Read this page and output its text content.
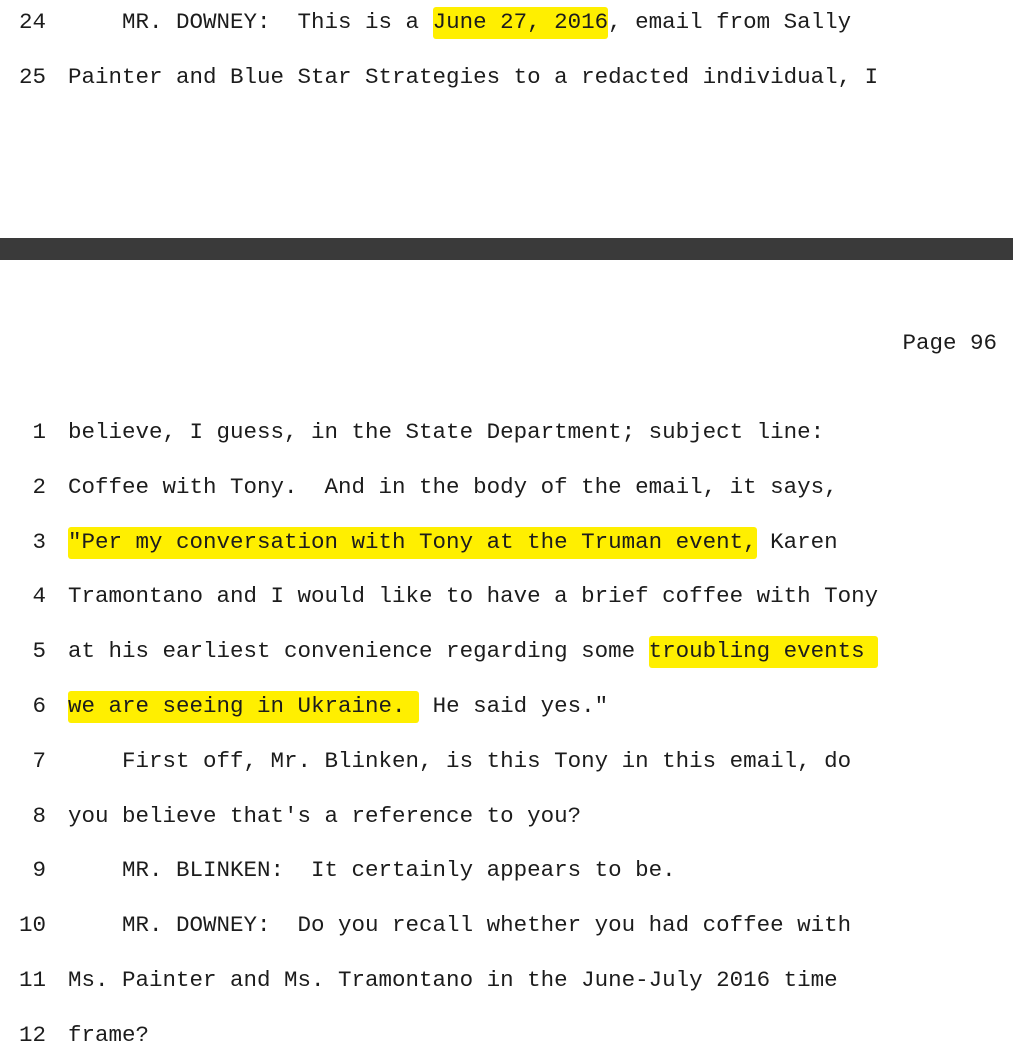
24 MR. DOWNEY:  This is a June 27, 2016, email from Sally
25 Painter and Blue Star Strategies to a redacted individual, I
Page 96
1 believe, I guess, in the State Department; subject line:
2 Coffee with Tony.  And in the body of the email, it says,
3 "Per my conversation with Tony at the Truman event, Karen
4 Tramontano and I would like to have a brief coffee with Tony
5 at his earliest convenience regarding some troubling events
6 we are seeing in Ukraine.  He said yes."
7 First off, Mr. Blinken, is this Tony in this email, do
8 you believe that's a reference to you?
9 MR. BLINKEN:  It certainly appears to be.
10 MR. DOWNEY:  Do you recall whether you had coffee with
11 Ms. Painter and Ms. Tramontano in the June-July 2016 time
12 frame?
